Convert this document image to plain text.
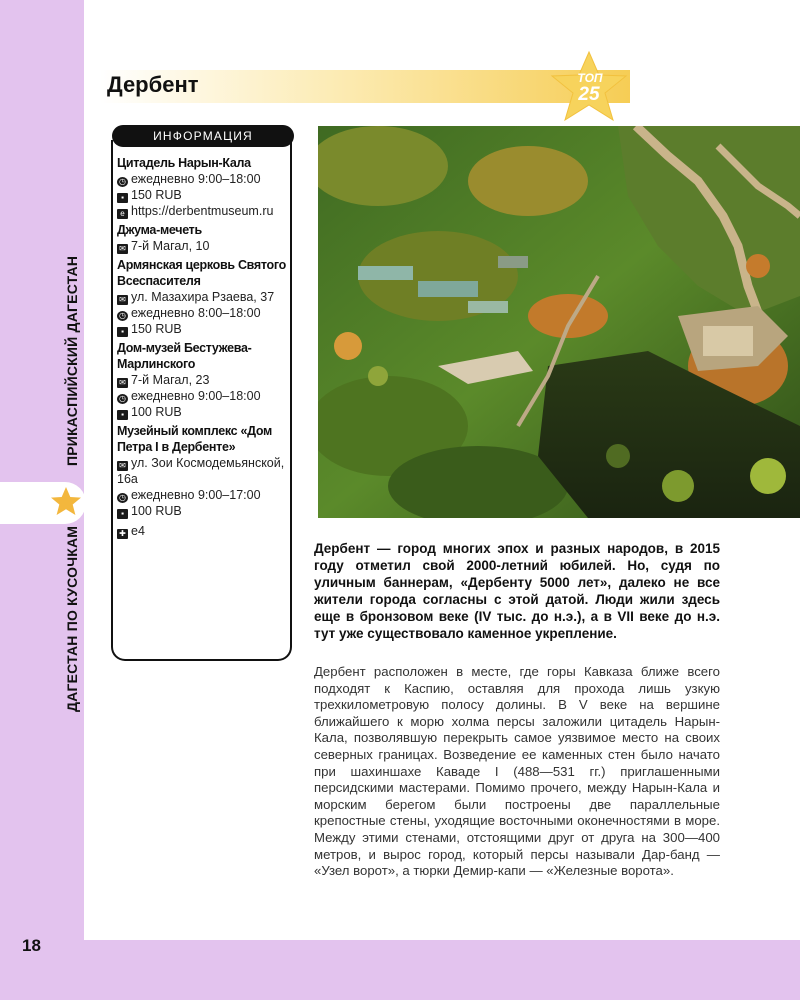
ПРИКАСПИЙСКИЙ ДАГЕСТАН
ДАГЕСТАН ПО КУСОЧКАМ
18
Дербент	ТОП
25
ИНФОРМАЦИЯ
Цитадель Нарын-Кала
◷ ежедневно 9:00–18:00
▪ 150 RUB
e https://derbentmuseum.ru
Джума-мечеть
✉ 7-й Магал, 10
Армянская церковь Святого Всеспасителя
✉ ул. Мазахира Рзаева, 37
◷ ежедневно 8:00–18:00
▪ 150 RUB
Дом-музей Бестужева-Марлинского
✉ 7-й Магал, 23
◷ ежедневно 9:00–18:00
▪ 100 RUB
Музейный комплекс «Дом Петра I в Дербенте»
✉ ул. Зои Космодемьянской, 16а
◷ ежедневно 9:00–17:00
▪ 100 RUB
✚ e4

Дербент — город многих эпох и разных народов, в 2015 году отметил свой 2000-летний юбилей. Но, судя по уличным баннерам, «Дербенту 5000 лет», далеко не все жители города согласны с этой датой. Люди жили здесь еще в бронзовом веке (IV тыс. до н.э.), а в VII веке до н.э. тут уже существовало каменное укрепление.

Дербент расположен в месте, где горы Кавказа ближе всего подходят к Каспию, оставляя для прохода лишь узкую трехкилометровую полосу долины. В V веке на вершине ближайшего к морю холма персы заложили цитадель Нарын-Кала, позволявшую перекрыть самое уязвимое место на своих северных границах. Возведение ее каменных стен было начато при шахиншахе Каваде I (488—531 гг.) приглашенными персидскими мастерами. Помимо прочего, между Нарын-Кала и морским берегом были построены две параллельные крепостные стены, уходящие восточными оконечностями в море. Между этими стенами, отстоящими друг от друга на 300—400 метров, и вырос город, который персы называли Дар-банд — «Узел ворот», а тюрки Демир-капи — «Железные ворота».
